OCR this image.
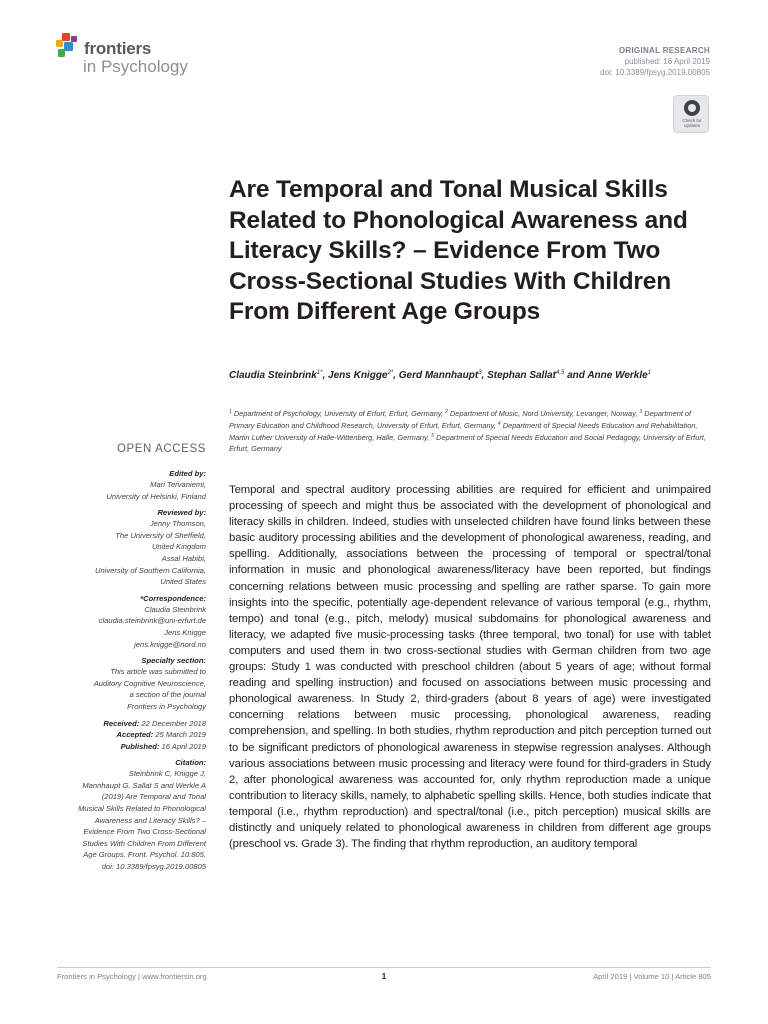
frontiers
in Psychology
ORIGINAL RESEARCH
published: 16 April 2019
doi: 10.3389/fpsyg.2019.00805
Check for
updates
Are Temporal and Tonal Musical Skills Related to Phonological Awareness and Literacy Skills? – Evidence From Two Cross-Sectional Studies With Children From Different Age Groups
Claudia Steinbrink$^{1*}$, Jens Knigge$^{2*}$, Gerd Mannhaupt$^3$, Stephan Sallat$^{4,5}$ and Anne Werkle$^1$
$^1$ Department of Psychology, University of Erfurt, Erfurt, Germany, $^2$ Department of Music, Nord University, Levanger, Norway, $^3$ Department of Primary Education and Childhood Research, University of Erfurt, Erfurt, Germany, $^4$ Department of Special Needs Education and Rehabilitation, Martin Luther University of Halle-Wittenberg, Halle, Germany, $^5$ Department of Special Needs Education and Social Pedagogy, University of Erfurt, Erfurt, Germany
OPEN ACCESS
Edited by:
Mari Tervaniemi,
University of Helsinki, Finland
Reviewed by:
Jenny Thomson,
The University of Sheffield,
United Kingdom
Assal Habibi,
University of Southern California,
United States
*Correspondence:
Claudia Steinbrink
claudia.steinbrink@uni-erfurt.de
Jens Knigge
jens.knigge@nord.no
Specialty section:
This article was submitted to
Auditory Cognitive Neuroscience,
a section of the journal
Frontiers in Psychology
Received: 22 December 2018
Accepted: 25 March 2019
Published: 16 April 2019
Citation:
Steinbrink C, Knigge J,
Mannhaupt G, Sallat S and Werkle A
(2019) Are Temporal and Tonal
Musical Skills Related to Phonological
Awareness and Literacy Skills? –
Evidence From Two Cross-Sectional
Studies With Children From Different
Age Groups. Front. Psychol. 10:805.
doi: 10.3389/fpsyg.2019.00805

Temporal and spectral auditory processing abilities are required for efficient and unimpaired processing of speech and might thus be associated with the development of phonological and literacy skills in children. Indeed, studies with unselected children have found links between these basic auditory processing abilities and the development of phonological awareness, reading, and spelling. Additionally, associations between the processing of temporal or spectral/tonal information in music and phonological awareness/literacy have been reported, but findings concerning relations between music processing and spelling are rather sparse. To gain more insights into the specific, potentially age-dependent relevance of various temporal (e.g., rhythm, tempo) and tonal (e.g., pitch, melody) musical subdomains for phonological awareness and literacy, we adapted five music-processing tasks (three temporal, two tonal) for use with tablet computers and used them in two cross-sectional studies with German children from two age groups: Study 1 was conducted with preschool children (about 5 years of age; without formal reading and spelling instruction) and focused on associations between music processing and phonological awareness. In Study 2, third-graders (about 8 years of age) were investigated concerning relations between music processing, phonological awareness, reading comprehension, and spelling. In both studies, rhythm reproduction and pitch perception turned out to be significant predictors of phonological awareness in stepwise regression analyses. Although various associations between music processing and literacy were found for third-graders in Study 2, after phonological awareness was accounted for, only rhythm reproduction made a unique contribution to literacy skills, namely, to alphabetic spelling skills. Hence, both studies indicate that temporal (i.e., rhythm reproduction) and spectral/tonal (i.e., pitch perception) musical skills are distinctly and uniquely related to phonological awareness in children from different age groups (preschool vs. Grade 3). The finding that rhythm reproduction, an auditory temporal

Frontiers in Psychology | www.frontiersin.org	1	April 2019 | Volume 10 | Article 805
